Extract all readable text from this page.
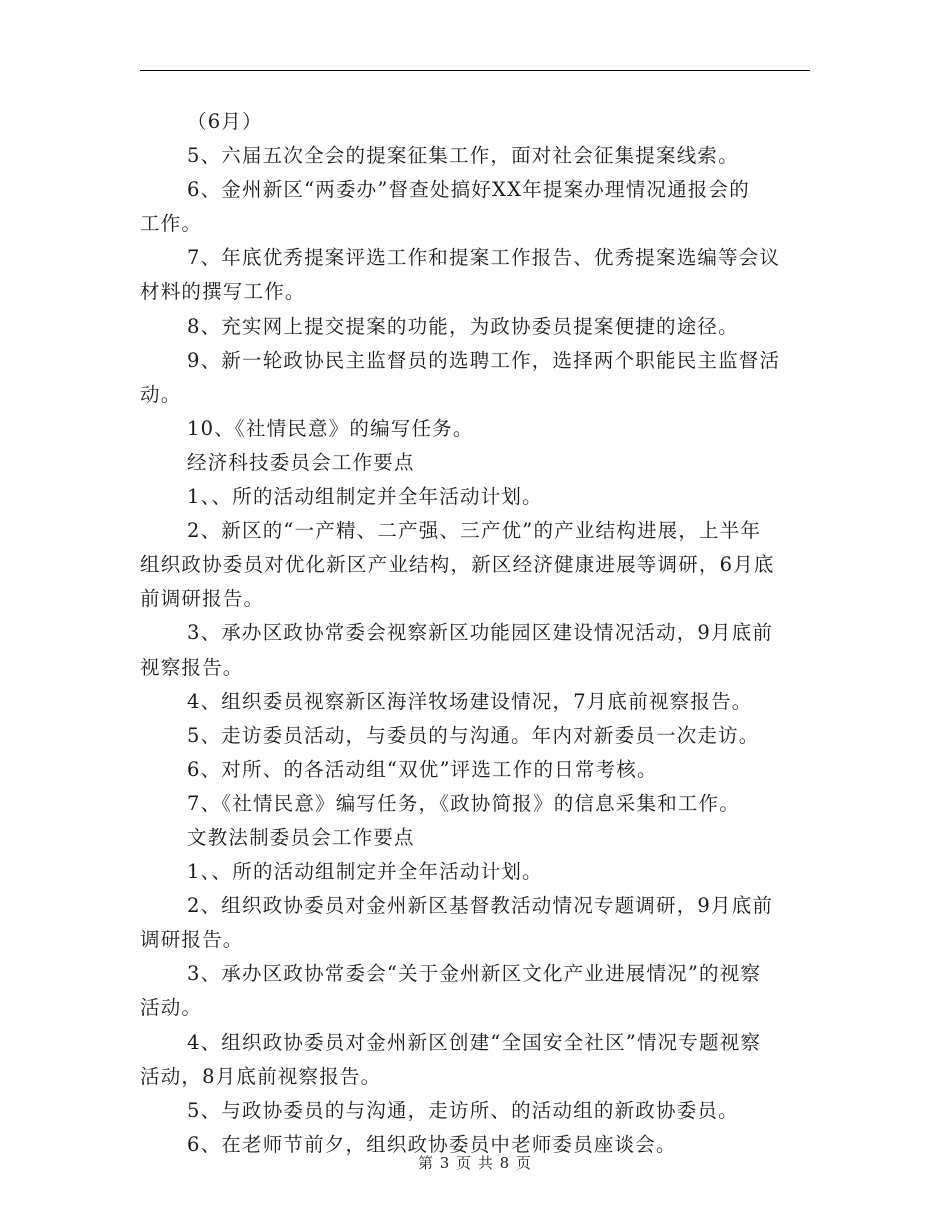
（6月）
5、六届五次全会的提案征集工作，面对社会征集提案线索。
6、金州新区“两委办”督查处搞好XX年提案办理情况通报会的
工作。
7、年底优秀提案评选工作和提案工作报告、优秀提案选编等会议
材料的撰写工作。
8、充实网上提交提案的功能，为政协委员提案便捷的途径。
9、新一轮政协民主监督员的选聘工作，选择两个职能民主监督活
动。
10、《社情民意》的编写任务。
经济科技委员会工作要点
1、、所的活动组制定并全年活动计划。
2、新区的“一产精、二产强、三产优”的产业结构进展，上半年
组织政协委员对优化新区产业结构，新区经济健康进展等调研，6月底
前调研报告。
3、承办区政协常委会视察新区功能园区建设情况活动，9月底前
视察报告。
4、组织委员视察新区海洋牧场建设情况，7月底前视察报告。
5、走访委员活动，与委员的与沟通。年内对新委员一次走访。
6、对所、的各活动组“双优”评选工作的日常考核。
7、《社情民意》编写任务，《政协简报》的信息采集和工作。
文教法制委员会工作要点
1、、所的活动组制定并全年活动计划。
2、组织政协委员对金州新区基督教活动情况专题调研，9月底前
调研报告。
3、承办区政协常委会“关于金州新区文化产业进展情况”的视察
活动。
4、组织政协委员对金州新区创建“全国安全社区”情况专题视察
活动，8月底前视察报告。
5、与政协委员的与沟通，走访所、的活动组的新政协委员。
6、在老师节前夕，组织政协委员中老师委员座谈会。
第 3 页 共 8 页
